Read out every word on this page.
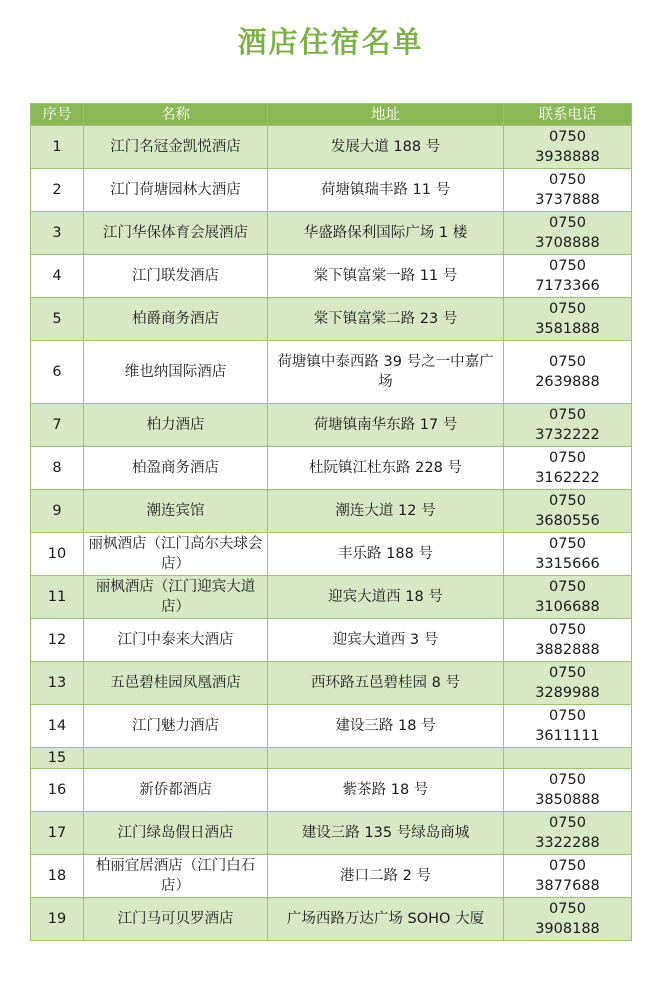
酒店住宿名单
序号	名称	地址	联系电话
1	江门名冠金凯悦酒店	发展大道 188 号	0750
3938888

2	江门荷塘园林大酒店	荷塘镇瑞丰路 11 号	0750
3737888

3	江门华保体育会展酒店	华盛路保利国际广场 1 楼	0750
3708888

4	江门联发酒店	棠下镇富棠一路 11 号	0750
7173366

5	柏爵商务酒店	棠下镇富棠二路 23 号	0750
3581888

6	维也纳国际酒店	荷塘镇中泰西路 39 号之一中嘉广场	0750
2639888

7	柏力酒店	荷塘镇南华东路 17 号	0750
3732222

8	柏盈商务酒店	杜阮镇江杜东路 228 号	0750
3162222

9	潮连宾馆	潮连大道 12 号	0750
3680556

10	丽枫酒店（江门高尔夫球会店）	丰乐路 188 号	0750
3315666

11	丽枫酒店（江门迎宾大道店）	迎宾大道西 18 号	0750
3106688

12	江门中泰来大酒店	迎宾大道西 3 号	0750
3882888

13	五邑碧桂园凤凰酒店	西环路五邑碧桂园 8 号	0750
3289988

14	江门魅力酒店	建设三路 18 号	0750
3611111

15			

16	新侨都酒店	紫茶路 18 号	0750
3850888

17	江门绿岛假日酒店	建设三路 135 号绿岛商城	0750
3322288

18	柏丽宜居酒店（江门白石店）	港口二路 2 号	0750
3877688

19	江门马可贝罗酒店	广场西路万达广场 SOHO 大厦	0750
3908188
